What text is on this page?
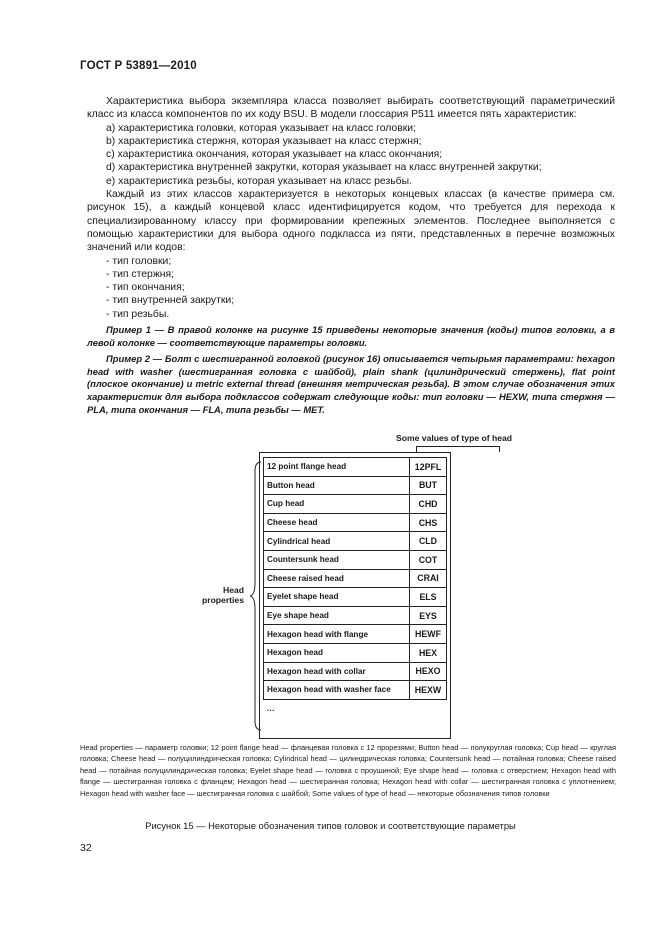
ГОСТ Р 53891—2010

Характеристика выбора экземпляра класса позволяет выбирать соответствующий параметрический класс из класса компонентов по их коду BSU. В модели глоссария P511 имеется пять характеристик:

а) характеристика головки, которая указывает на класс головки;

b) характеристика стержня, которая указывает на класс стержня;

с) характеристика окончания, которая указывает на класс окончания;

d) характеристика внутренней закрутки, которая указывает на класс внутренней закрутки;

е) характеристика резьбы, которая указывает на класс резьбы.

Каждый из этих классов характеризуется в некоторых концевых классах (в качестве примера см. рисунок 15), а каждый концевой класс идентифицируется кодом, что требуется для перехода к специализированному классу при формировании крепежных элементов. Последнее выполняется с помощью характеристики для выбора одного подкласса из пяти, представленных в перечне возможных значений или кодов:

- тип головки;

- тип стержня;

- тип окончания;

- тип внутренней закрутки;

- тип резьбы.

Пример 1 — В правой колонке на рисунке 15 приведены некоторые значения (коды) типов головки, а в левой колонке — соответствующие параметры головки.

Пример 2 — Болт с шестигранной головкой (рисунок 16) описывается четырьмя параметрами: hexagon head with washer (шестигранная головка с шайбой), plain shank (цилиндрический стержень), flat point (плоское окончание) и metric external thread (внешняя метрическая резьба). В этом случае обозначения этих характеристик для выбора подклассов содержат следующие коды: тип головки — HEXW, типа стержня — PLA, типа окончания — FLA, типа резьбы — MET.

Some values of type of head
12 point flange head	12PFL
Button head	BUT
Cup head	CHD
Cheese head	CHS
Cylindrical head	CLD
Countersunk head	COT
Cheese raised head	CRAI
Eyelet shape head	ELS
Eye shape head	EYS
Hexagon head with flange	HEWF
Hexagon head	HEX
Hexagon head with collar	HEXO
Hexagon head with washer face	HEXW
…	
Head
properties
Head properties — параметр головки; 12 point flange head — фланцевая головка с 12 прорезями; Button head — полукруглая головка; Cup head — круглая головка; Cheese head — полуцилиндрическая головка; Cylindrical head — цилиндрическая головка; Countersunk head — потайная головка; Cheese raised head — потайная полуцилиндрическая головка; Eyelet shape head — головка с проушиной; Eye shape head — головка с отверстием; Hexagon head with flange — шестигранная головка с фланцем; Hexagon head — шестигранная головка; Hexagon head with collar — шестигранная головка с уплотнением; Hexagon head with washer face — шестигранная головка с шайбой; Some values of type of head — некоторые обозначения типов головки
Рисунок 15 — Некоторые обозначения типов головок и соответствующие параметры
32
